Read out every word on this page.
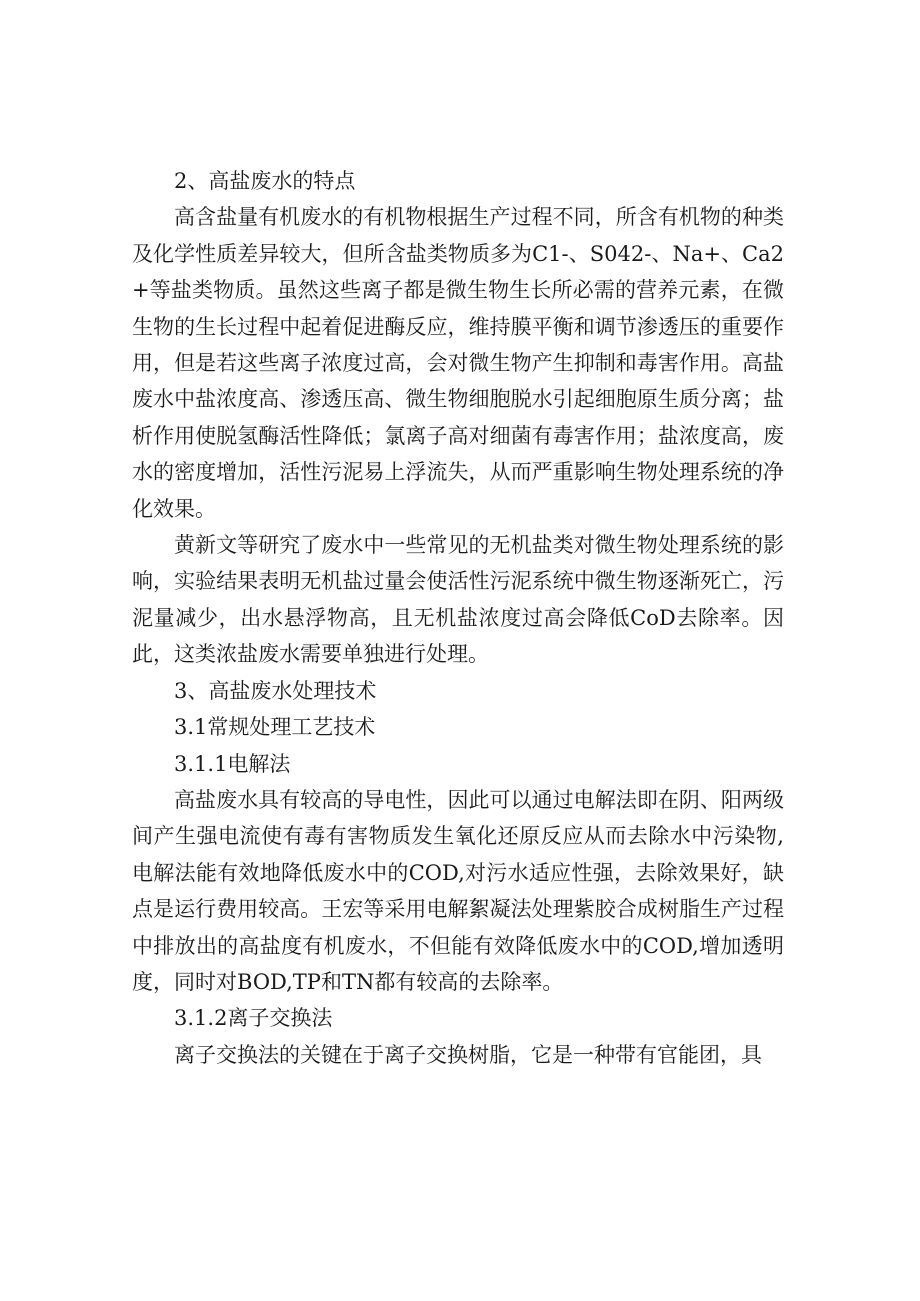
2、高盐废水的特点

高含盐量有机废水的有机物根据生产过程不同，所含有机物的种类及化学性质差异较大，但所含盐类物质多为C1-、S042-、Na+、Ca2+等盐类物质。虽然这些离子都是微生物生长所必需的营养元素，在微生物的生长过程中起着促进酶反应，维持膜平衡和调节渗透压的重要作用，但是若这些离子浓度过高，会对微生物产生抑制和毒害作用。高盐废水中盐浓度高、渗透压高、微生物细胞脱水引起细胞原生质分离；盐析作用使脱氢酶活性降低；氯离子高对细菌有毒害作用；盐浓度高，废水的密度增加，活性污泥易上浮流失，从而严重影响生物处理系统的净化效果。

黄新文等研究了废水中一些常见的无机盐类对微生物处理系统的影响，实验结果表明无机盐过量会使活性污泥系统中微生物逐渐死亡，污泥量减少，出水悬浮物高，且无机盐浓度过高会降低CoD去除率。因此，这类浓盐废水需要单独进行处理。

3、高盐废水处理技术

3.1常规处理工艺技术

3.1.1电解法

高盐废水具有较高的导电性，因此可以通过电解法即在阴、阳两级间产生强电流使有毒有害物质发生氧化还原反应从而去除水中污染物,电解法能有效地降低废水中的COD,对污水适应性强，去除效果好，缺点是运行费用较高。王宏等采用电解絮凝法处理紫胶合成树脂生产过程中排放出的高盐度有机废水，不但能有效降低废水中的COD,增加透明度，同时对BOD,TP和TN都有较高的去除率。

3.1.2离子交换法

离子交换法的关键在于离子交换树脂，它是一种带有官能团，具
